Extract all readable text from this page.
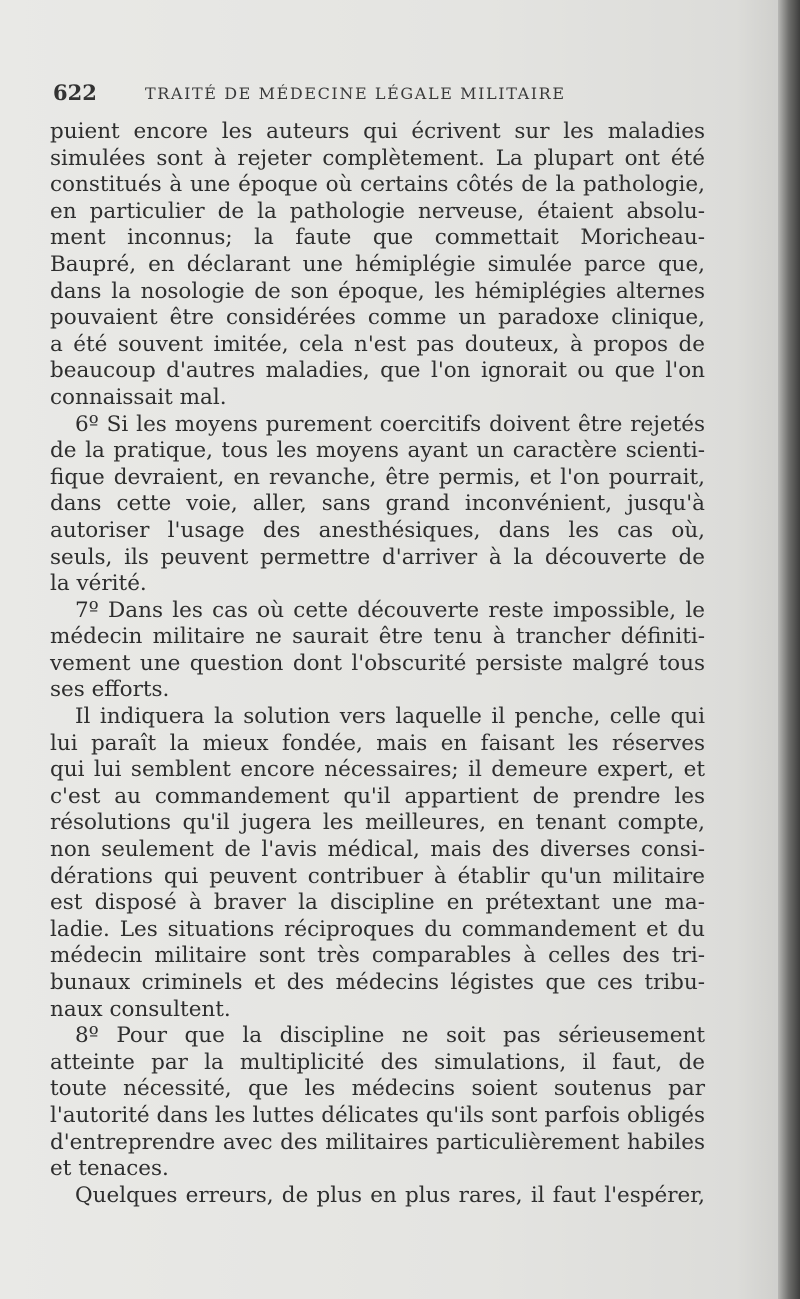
622	TRAITÉ DE MÉDECINE LÉGALE MILITAIRE
puient encore les auteurs qui écrivent sur les maladies
simulées sont à rejeter complètement. La plupart ont été
constitués à une époque où certains côtés de la pathologie,
en particulier de la pathologie nerveuse, étaient absolu-
ment inconnus; la faute que commettait Moricheau-
Baupré, en déclarant une hémiplégie simulée parce que,
dans la nosologie de son époque, les hémiplégies alternes
pouvaient être considérées comme un paradoxe clinique,
a été souvent imitée, cela n'est pas douteux, à propos de
beaucoup d'autres maladies, que l'on ignorait ou que l'on
connaissait mal.
6º Si les moyens purement coercitifs doivent être rejetés
de la pratique, tous les moyens ayant un caractère scienti-
fique devraient, en revanche, être permis, et l'on pourrait,
dans cette voie, aller, sans grand inconvénient, jusqu'à
autoriser l'usage des anesthésiques, dans les cas où,
seuls, ils peuvent permettre d'arriver à la découverte de
la vérité.
7º Dans les cas où cette découverte reste impossible, le
médecin militaire ne saurait être tenu à trancher définiti-
vement une question dont l'obscurité persiste malgré tous
ses efforts.
Il indiquera la solution vers laquelle il penche, celle qui
lui paraît la mieux fondée, mais en faisant les réserves
qui lui semblent encore nécessaires; il demeure expert, et
c'est au commandement qu'il appartient de prendre les
résolutions qu'il jugera les meilleures, en tenant compte,
non seulement de l'avis médical, mais des diverses consi-
dérations qui peuvent contribuer à établir qu'un militaire
est disposé à braver la discipline en prétextant une ma-
ladie. Les situations réciproques du commandement et du
médecin militaire sont très comparables à celles des tri-
bunaux criminels et des médecins légistes que ces tribu-
naux consultent.
8º Pour que la discipline ne soit pas sérieusement
atteinte par la multiplicité des simulations, il faut, de
toute nécessité, que les médecins soient soutenus par
l'autorité dans les luttes délicates qu'ils sont parfois obligés
d'entreprendre avec des militaires particulièrement habiles
et tenaces.
Quelques erreurs, de plus en plus rares, il faut l'espérer,
